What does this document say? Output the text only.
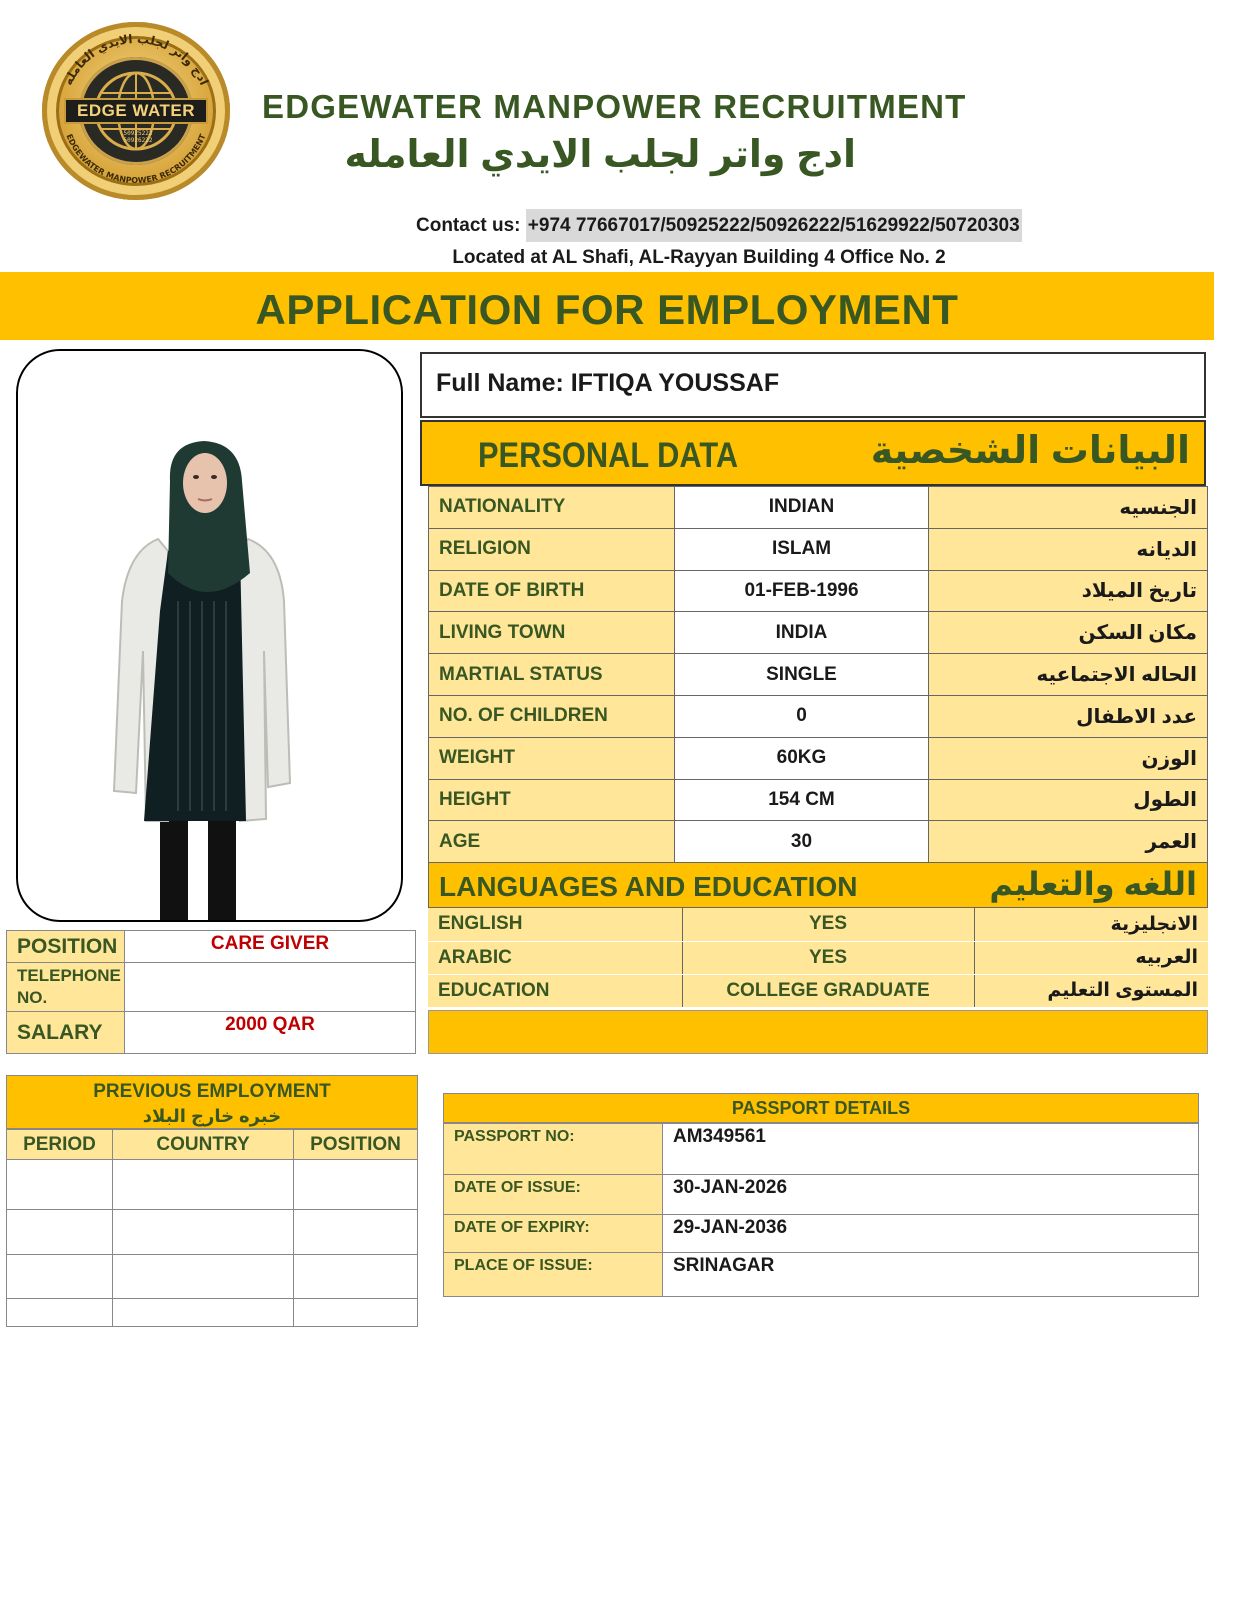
ادج واتر لجلب الايدي العامله
EDGEWATER MANPOWER RECRUITMENT
EDGE WATER
50925222
50926222
EDGEWATER MANPOWER RECRUITMENT
ادج واتر لجلب الايدي العامله
Contact us: +974 77667017/50925222/50926222/51629922/50720303
Located at AL Shafi, AL-Rayyan Building 4 Office No. 2
APPLICATION FOR EMPLOYMENT
Full Name: IFTIQA YOUSSAF
PERSONAL DATA	البيانات الشخصية
NATIONALITY	INDIAN	الجنسيه
RELIGION	ISLAM	الديانه
DATE OF BIRTH	01-FEB-1996	تاريخ الميلاد
LIVING TOWN	INDIA	مكان السكن
MARTIAL STATUS	SINGLE	الحاله الاجتماعيه
NO. OF CHILDREN	0	عدد الاطفال
WEIGHT	60KG	الوزن
HEIGHT	154 CM	الطول
AGE	30	العمر
LANGUAGES AND EDUCATION	اللغه والتعليم
ENGLISH	YES	الانجليزية
ARABIC	YES	العربيه
EDUCATION	COLLEGE GRADUATE	المستوى التعليم
POSITION	CARE GIVER
TELEPHONE NO.	
SALARY	2000 QAR
PREVIOUS EMPLOYMENT
خبره خارج البلاد
PERIOD	COUNTRY	POSITION

PASSPORT DETAILS
PASSPORT NO:	AM349561
DATE OF ISSUE:	30-JAN-2026
DATE OF EXPIRY:	29-JAN-2036
PLACE OF ISSUE:	SRINAGAR
